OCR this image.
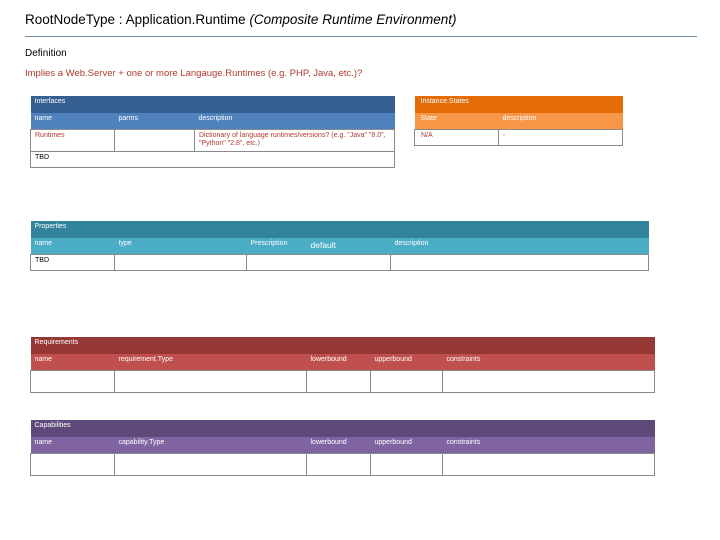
RootNodeType : Application.Runtime (Composite Runtime Environment)
Definition
Implies a Web.Server + one or more Langauge.Runtimes (e.g. PHP, Java, etc.)?
Interfaces		
name	parms	description
Runtimes		Dictionary of language runtimes/versions? (e.g. "Java" "8.0", "Python" "2.8", etc.)
TBD		
Instance.States	
State	description
N/A	-
Properties				
name	type	Prescription	default	description
TBD				
Requirements				
name	requirement.Type	lowerbound	upperbound	constraints

Capabilities				
name	capability.Type	lowerbound	upperbound	constraints
